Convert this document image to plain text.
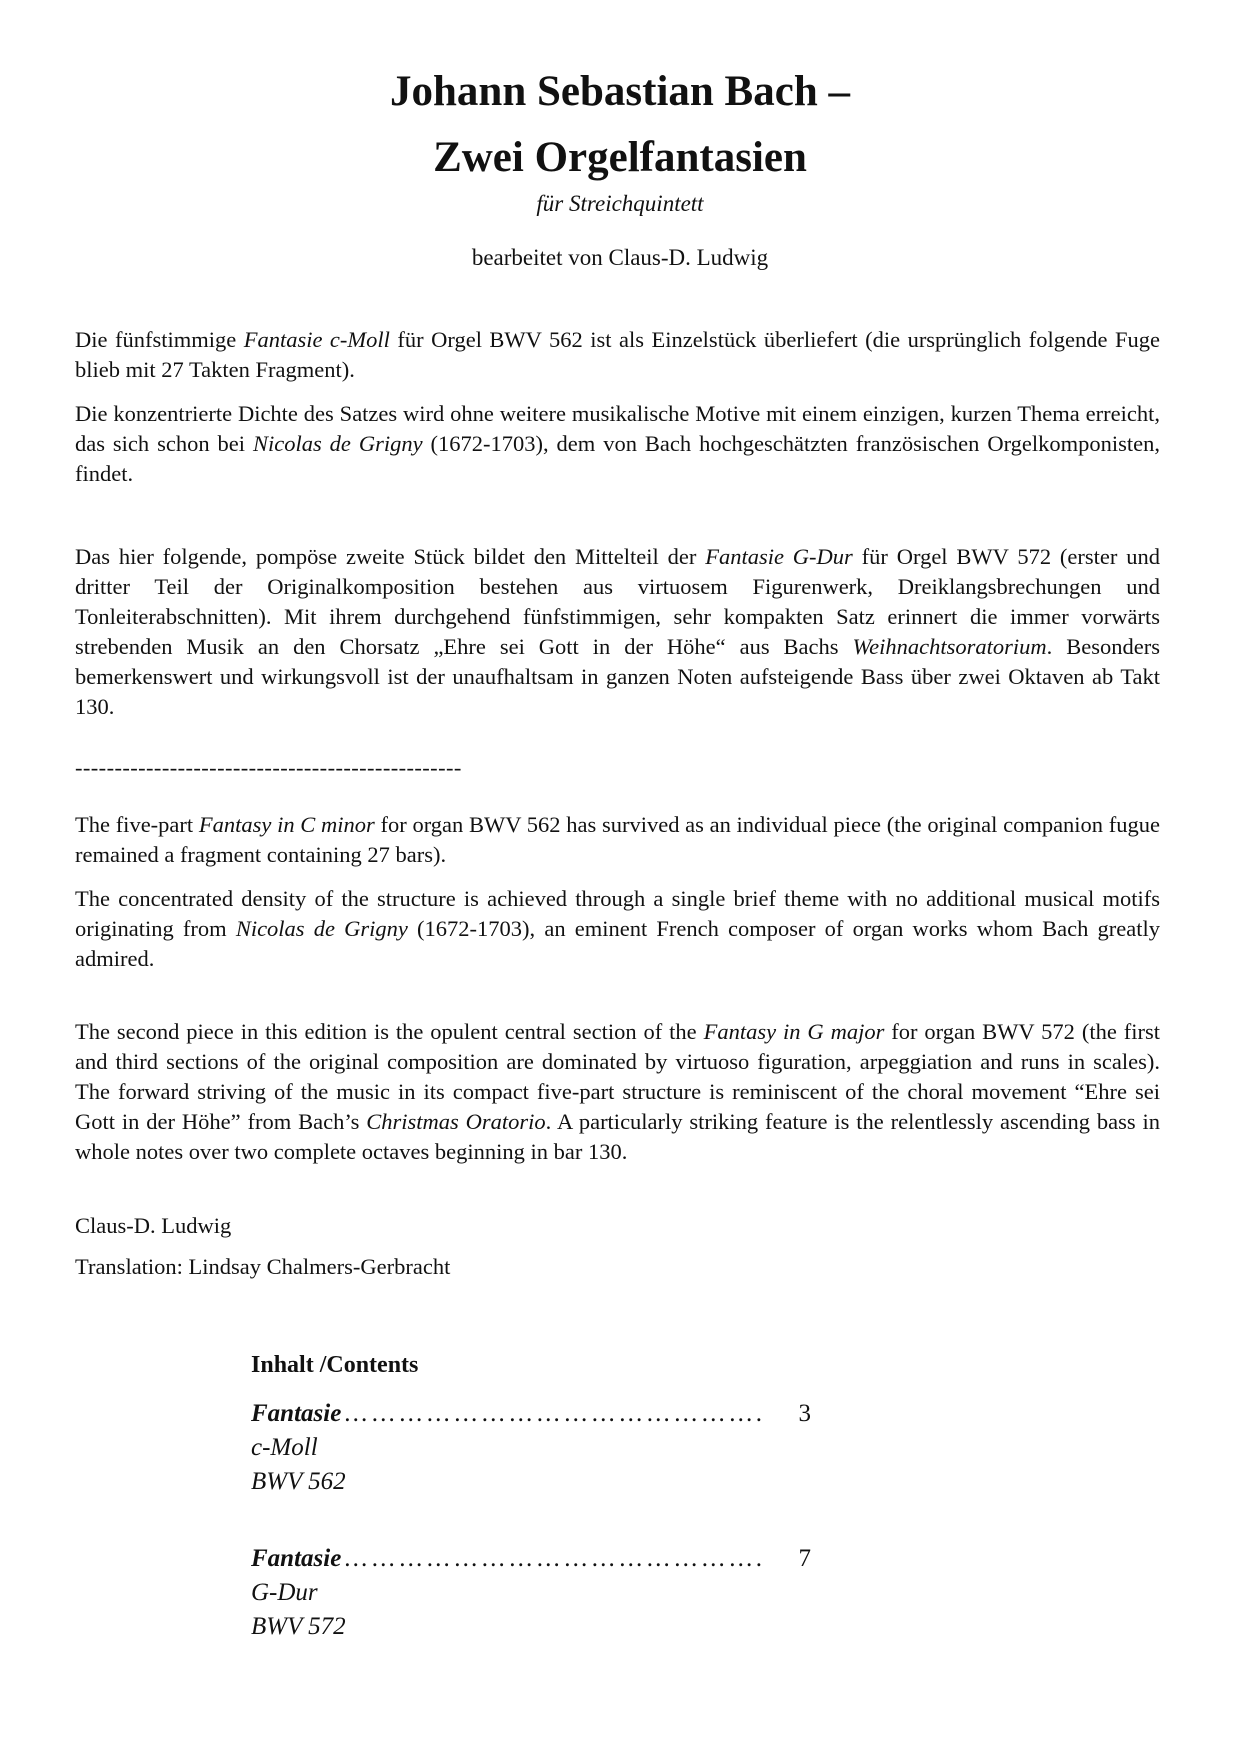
Johann Sebastian Bach –
Zwei Orgelfantasien
für Streichquintett
bearbeitet von Claus-D. Ludwig

Die fünfstimmige Fantasie c-Moll für Orgel BWV 562 ist als Einzelstück überliefert (die ursprünglich folgende Fuge blieb mit 27 Takten Fragment).

Die konzentrierte Dichte des Satzes wird ohne weitere musikalische Motive mit einem einzigen, kurzen Thema erreicht, das sich schon bei Nicolas de Grigny (1672-1703), dem von Bach hochgeschätzten französischen Orgelkomponisten, findet.

Das hier folgende, pompöse zweite Stück bildet den Mittelteil der Fantasie G-Dur für Orgel BWV 572 (erster und dritter Teil der Originalkomposition bestehen aus virtuosem Figurenwerk, Dreiklangsbrechungen und Tonleiterabschnitten). Mit ihrem durchgehend fünfstimmigen, sehr kompakten Satz erinnert die immer vorwärts strebenden Musik an den Chorsatz „Ehre sei Gott in der Höhe“ aus Bachs Weihnachtsoratorium. Besonders bemerkenswert und wirkungsvoll ist der unaufhaltsam in ganzen Noten aufsteigende Bass über zwei Oktaven ab Takt 130.

-------------------------------------------------

The five-part Fantasy in C minor for organ BWV 562 has survived as an individual piece (the original companion fugue remained a fragment containing 27 bars).

The concentrated density of the structure is achieved through a single brief theme with no additional musical motifs originating from Nicolas de Grigny (1672-1703), an eminent French composer of organ works whom Bach greatly admired.

The second piece in this edition is the opulent central section of the Fantasy in G major for organ BWV 572 (the first and third sections of the original composition are dominated by virtuoso figuration, arpeggiation and runs in scales). The forward striving of the music in its compact five-part structure is reminiscent of the choral movement “Ehre sei Gott in der Höhe” from Bach’s Christmas Oratorio. A particularly striking feature is the relentlessly ascending bass in whole notes over two complete octaves beginning in bar 130.

Claus-D. Ludwig
Translation: Lindsay Chalmers-Gerbracht
Inhalt /Contents
Fantasie ……………………………………….	3
c-Moll
BWV 562
Fantasie ……………………………………….	7
G-Dur
BWV 572
